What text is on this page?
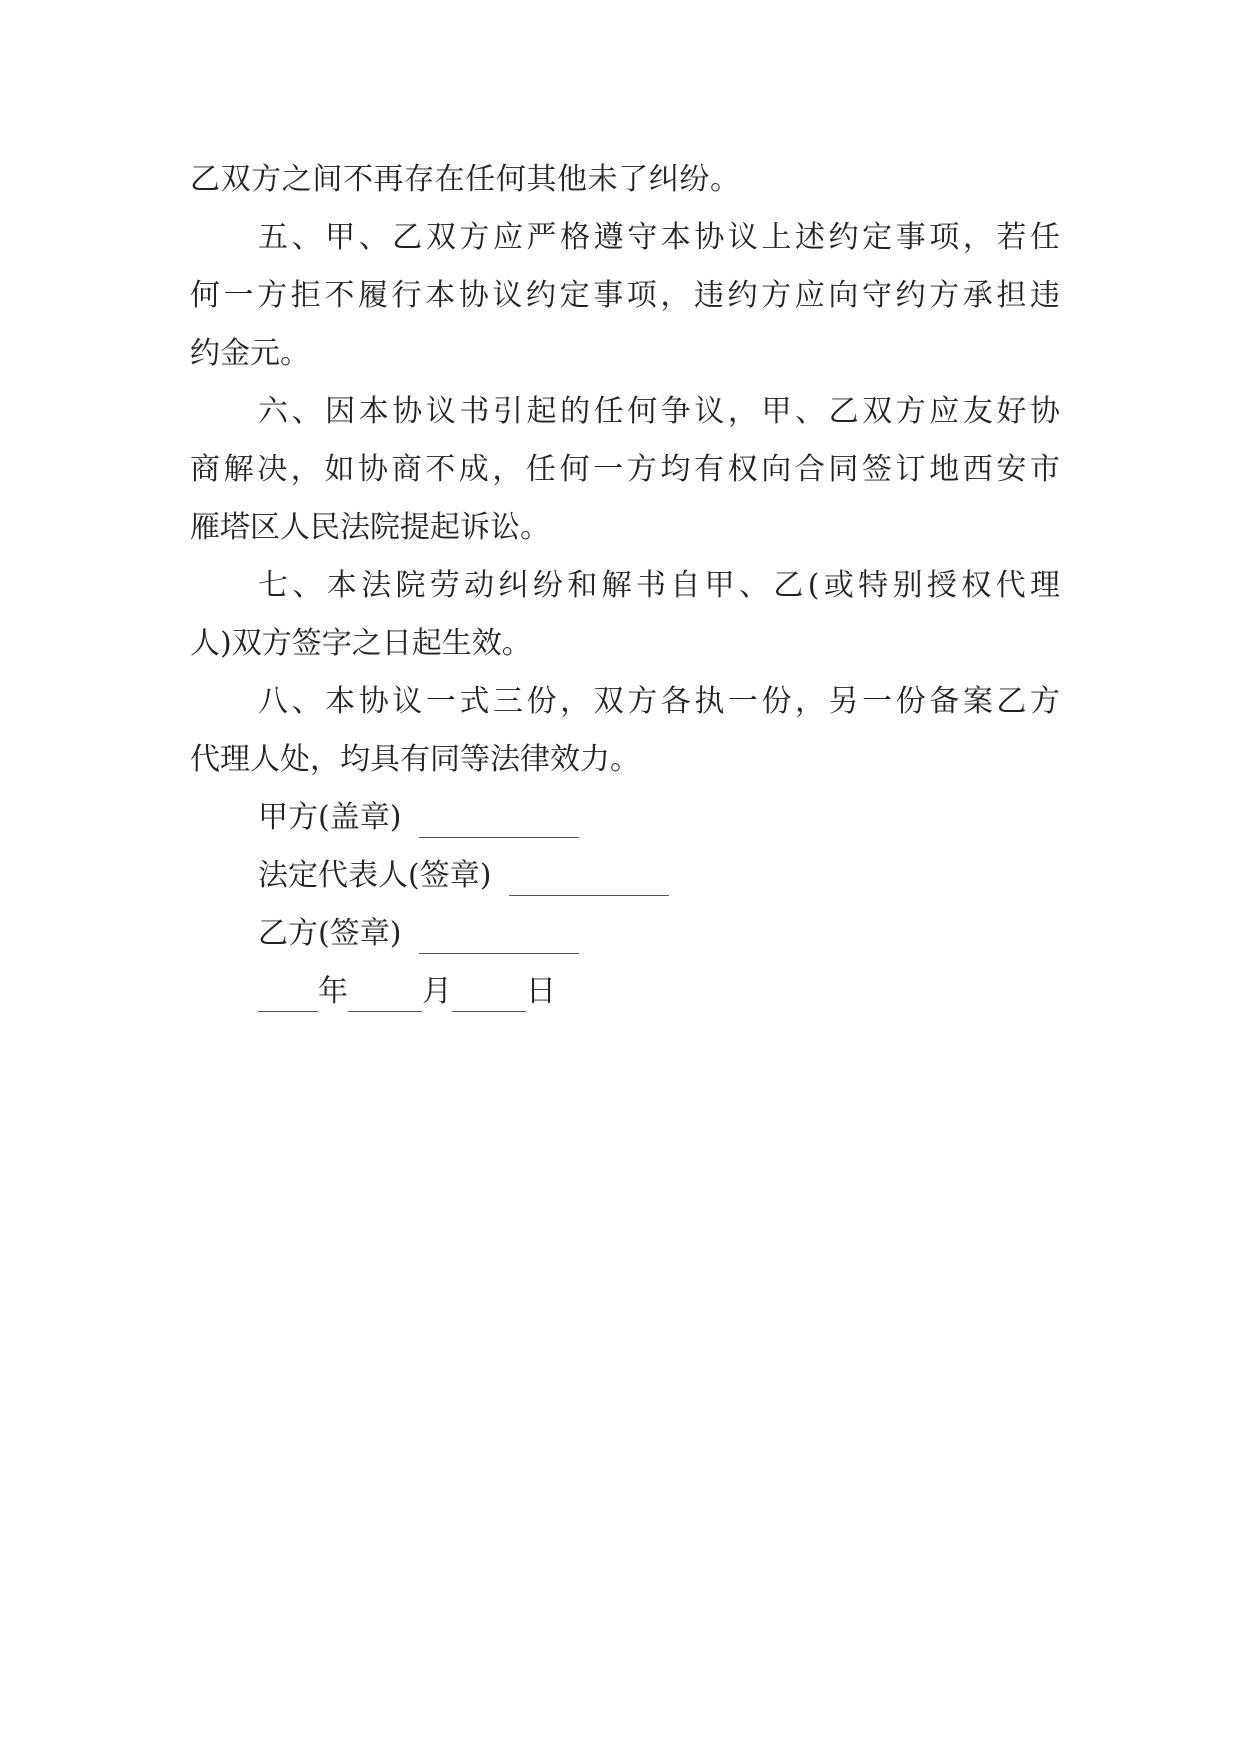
乙双方之间不再存在任何其他未了纠纷。
五、甲、乙双方应严格遵守本协议上述约定事项，若任
何一方拒不履行本协议约定事项，违约方应向守约方承担违
约金元。
六、因本协议书引起的任何争议，甲、乙双方应友好协
商解决，如协商不成，任何一方均有权向合同签订地西安市
雁塔区人民法院提起诉讼。
七、本法院劳动纠纷和解书自甲、乙(或特别授权代理
人)双方签字之日起生效。
八、本协议一式三份，双方各执一份，另一份备案乙方
代理人处，均具有同等法律效力。
甲方(盖章)
法定代表人(签章)
乙方(签章)
年 月 日
